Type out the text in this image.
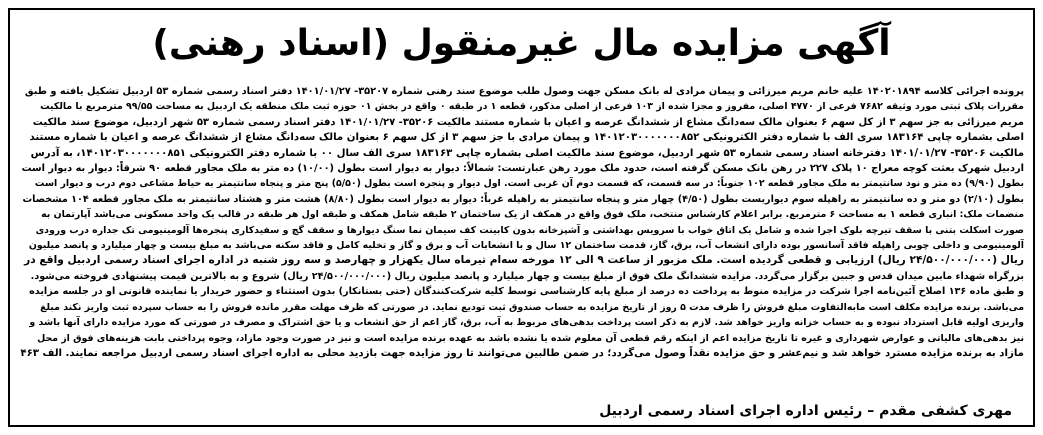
آگهی مزایده مال غیرمنقول (اسناد رهنی)
پرونده اجرائی کلاسه ۱۴۰۲۰۱۸۹۴ علیه خانم مریم میرزائی و پیمان مرادی له بانک مسکن جهت وصول طلب موضوع سند رهنی شماره ۳۵۲۰۷- ۱۴۰۱/۰۱/۲۷ دفتر اسناد رسمی شماره ۵۳ اردبیل تشکیل یافته و طبق
مقررات پلاک ثبتی مورد وثیقه ۷۶۸۲ فرعی از ۴۷۷۰ اصلی، مفروز و مجزا شده از ۱۰۳ فرعی از اصلی مذکور، قطعه ۱ در طبقه ۰ واقع در بخش ۰۱ حوزه ثبت ملک منطقه یک اردبیل به مساحت ۹۹/۵۵ مترمربع با مالکیت
مریم میرزائی به جز سهم ۳ از کل سهم ۶ بعنوان مالک سه‌دانگ مشاع از ششدانگ عرصه و اعیان با شماره مستند مالکیت ۳۵۲۰۶- ۱۴۰۱/۰۱/۲۷ دفتر اسناد رسمی شماره ۵۳ شهر اردبیل، موضوع سند مالکیت
اصلی بشماره چاپی ۱۸۳۱۶۴ سری الف با شماره دفتر الکترونیکی ۱۴۰۱۲۰۳۰۰۰۰۰۰۰۸۵۲ و پیمان مرادی با جز سهم ۳ از کل سهم ۶ بعنوان مالک سه‌دانگ مشاع از ششدانگ عرصه و اعیان با شماره مستند
مالکیت ۳۵۲۰۶- ۱۴۰۱/۰۱/۲۷ دفترخانه اسناد رسمی شماره ۵۳ شهر اردبیل، موضوع سند مالکیت اصلی بشماره چاپی ۱۸۳۱۶۳ سری الف سال ۰۰ با شماره دفتر الکترونیکی ۱۴۰۱۲۰۳۰۰۰۰۰۰۰۸۵۱، به آدرس
اردبیل شهرک بعثت کوچه معراج ۱۰ پلاک ۲۲۷ در رهن بانک مسکن گرفته است، حدود ملک مورد رهن عبارتست: شمالاً: دیوار به دیوار است بطول (۱۰/۰۰) ده متر به ملک مجاور قطعه ۹۰ شرقاً: دیوار به دیوار است
بطول (۹/۹۰) ده متر و نود سانتیمتر به ملک مجاور قطعه ۱۰۲ جنوباً: در سه قسمت، که قسمت دوم آن غربی است. اول دیوار و پنجره است بطول (۵/۵۰) پنج متر و پنجاه سانتیمتر به حیاط مشاعی دوم درب و دیوار است
بطول (۲/۱۰) دو متر و ده سانتیمتر به راهپله سوم دیواریست بطول (۴/۵۰) چهار متر و پنجاه سانتیمتر به راهپله غرباً: دیوار به دیوار است بطول (۸/۸۰) هشت متر و هشتاد سانتیمتر به ملک مجاور قطعه ۱۰۴ مشخصات
منضمات ملک: انباری قطعه ۱ به مساحت ۶ مترمربع. برابر اعلام کارشناس منتخب، ملک فوق واقع در همکف از یک ساختمان ۲ طبقه شامل همکف و طبقه اول هر طبقه در قالب یک واحد مسکونی می‌باشد آپارتمان به
صورت اسکلت بتنی با سقف تیرچه بلوک اجرا شده و شامل یک اتاق خواب با سرویس بهداشتی و آشپزخانه بدون کابینت کف سیمان نما سنگ دیوارها و سقف گچ و سفیدکاری پنجره‌ها آلومینیومی تک جداره درب ورودی
آلومینیومی و داخلی چوبی راهپله فاقد آسانسور بوده دارای انشعاب آب، برق، گاز، قدمت ساختمان ۱۲ سال و با انشعابات آب و برق و گاز و تخلیه کامل و فاقد سکنه می‌باشد به مبلغ بیست و چهار میلیارد و پانصد میلیون
ریال (۲۴/۵۰۰/۰۰۰/۰۰۰ ریال) ارزیابی و قطعی گردیده است. ملک مزبور از ساعت ۹ الی ۱۲ مورخه سه‌ام تیرماه سال یکهزار و چهارصد و سه روز شنبه در اداره اجرای اسناد رسمی اردبیل واقع در
بزرگراه شهداء مابین میدان قدس و جبین برگزار می‌گردد. مزایده ششدانگ ملک فوق از مبلغ بیست و چهار میلیارد و پانصد میلیون ریال (۲۴/۵۰۰/۰۰۰/۰۰۰ ریال) شروع و به بالاترین قیمت پیشنهادی فروخته می‌شود.
و طبق ماده ۱۳۶ اصلاح آئین‌نامه اجرا شرکت در مزایده منوط به پرداخت ده درصد از مبلغ پایه کارشناسی توسط کلیه شرکت‌کنندگان (حتی بستانکار) بدون استثناء و حضور خریدار یا نماینده قانونی او در جلسه مزایده
می‌باشد. برنده مزایده مکلف است مابه‌التفاوت مبلغ فروش را ظرف مدت ۵ روز از تاریخ مزایده به حساب صندوق ثبت تودیع نماید. در صورتی که ظرف مهلت مقرر مانده فروش را به حساب سپرده ثبت واریز نکند مبلغ
واریزی اولیه قابل استرداد نبوده و به حساب خزانه واریز خواهد شد. لازم به ذکر است پرداخت بدهی‌های مربوط به آب، برق، گاز اعم از حق انشعاب و یا حق اشتراک و مصرف در صورتی که مورد مزایده دارای آنها باشد و
نیز بدهی‌های مالیاتی و عوارض شهرداری و غیره تا تاریخ مزایده اعم از اینکه رقم قطعی آن معلوم شده یا نشده باشد به عهده برنده مزایده است و نیز در صورت وجود مازاد، وجوه پرداختی بابت هزینه‌های فوق از محل
مازاد به برنده مزایده مسترد خواهد شد و نیم‌عشر و حق مزایده نقداً وصول می‌گردد؛ در ضمن طالبین می‌توانند تا روز مزایده جهت بازدید محلی به اداره اجرای اسناد رسمی اردبیل مراجعه نمایند. الف ۴۶۳
مهری کشفی مقدم – رئیس اداره اجرای اسناد رسمی اردبیل
